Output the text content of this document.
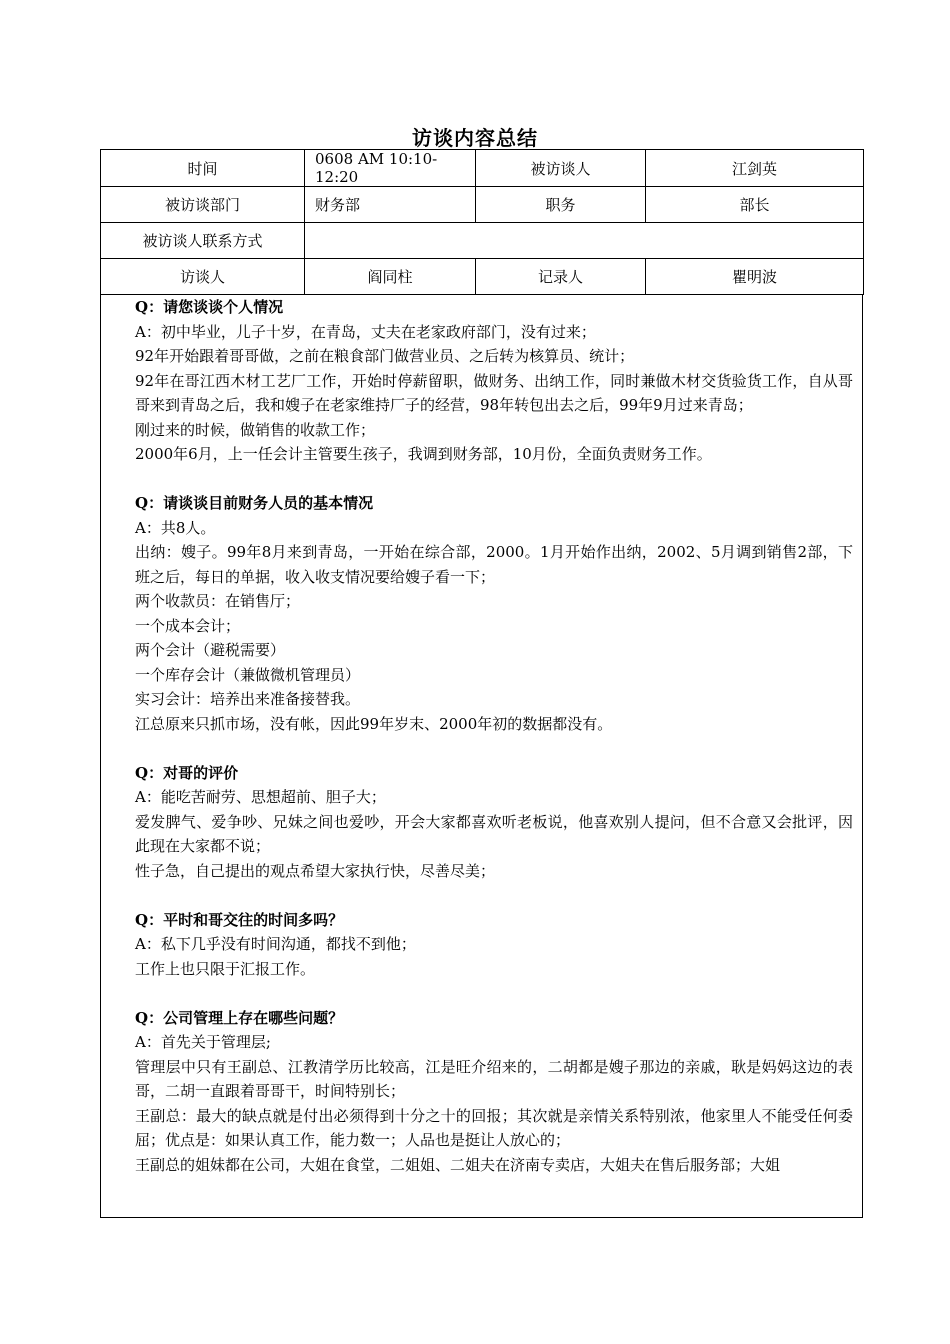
访谈内容总结
时间	0608 AM 10:10-12:20	被访谈人	江剑英
被访谈部门	财务部	职务	部长
被访谈人联系方式			
访谈人	阎同柱	记录人	瞿明波
Q：请您谈谈个人情况
A：初中毕业，儿子十岁，在青岛，丈夫在老家政府部门，没有过来；
92年开始跟着哥哥做，之前在粮食部门做营业员、之后转为核算员、统计；
92年在哥江西木材工艺厂工作，开始时停薪留职，做财务、出纳工作，同时兼做木材交货验货工作，自从哥哥来到青岛之后，我和嫂子在老家维持厂子的经营，98年转包出去之后，99年9月过来青岛；
刚过来的时候，做销售的收款工作；
2000年6月，上一任会计主管要生孩子，我调到财务部，10月份，全面负责财务工作。
Q：请谈谈目前财务人员的基本情况
A：共8人。
出纳：嫂子。99年8月来到青岛，一开始在综合部，2000。1月开始作出纳，2002、5月调到销售2部，下班之后，每日的单据，收入收支情况要给嫂子看一下；
两个收款员：在销售厅；
一个成本会计；
两个会计（避税需要）
一个库存会计（兼做微机管理员）
实习会计：培养出来准备接替我。
江总原来只抓市场，没有帐，因此99年岁末、2000年初的数据都没有。
Q：对哥的评价
A：能吃苦耐劳、思想超前、胆子大；
爱发脾气、爱争吵、兄妹之间也爱吵，开会大家都喜欢听老板说，他喜欢别人提问，但不合意又会批评，因此现在大家都不说；
性子急，自己提出的观点希望大家执行快，尽善尽美；
Q：平时和哥交往的时间多吗？
A：私下几乎没有时间沟通，都找不到他；
工作上也只限于汇报工作。
Q：公司管理上存在哪些问题？
A：首先关于管理层;
管理层中只有王副总、江教清学历比较高，江是旺介绍来的，二胡都是嫂子那边的亲戚，耿是妈妈这边的表哥，二胡一直跟着哥哥干，时间特别长；
王副总：最大的缺点就是付出必须得到十分之十的回报；其次就是亲情关系特别浓，他家里人不能受任何委屈；优点是：如果认真工作，能力数一；人品也是挺让人放心的；
王副总的姐妹都在公司，大姐在食堂，二姐姐、二姐夫在济南专卖店，大姐夫在售后服务部；大姐
